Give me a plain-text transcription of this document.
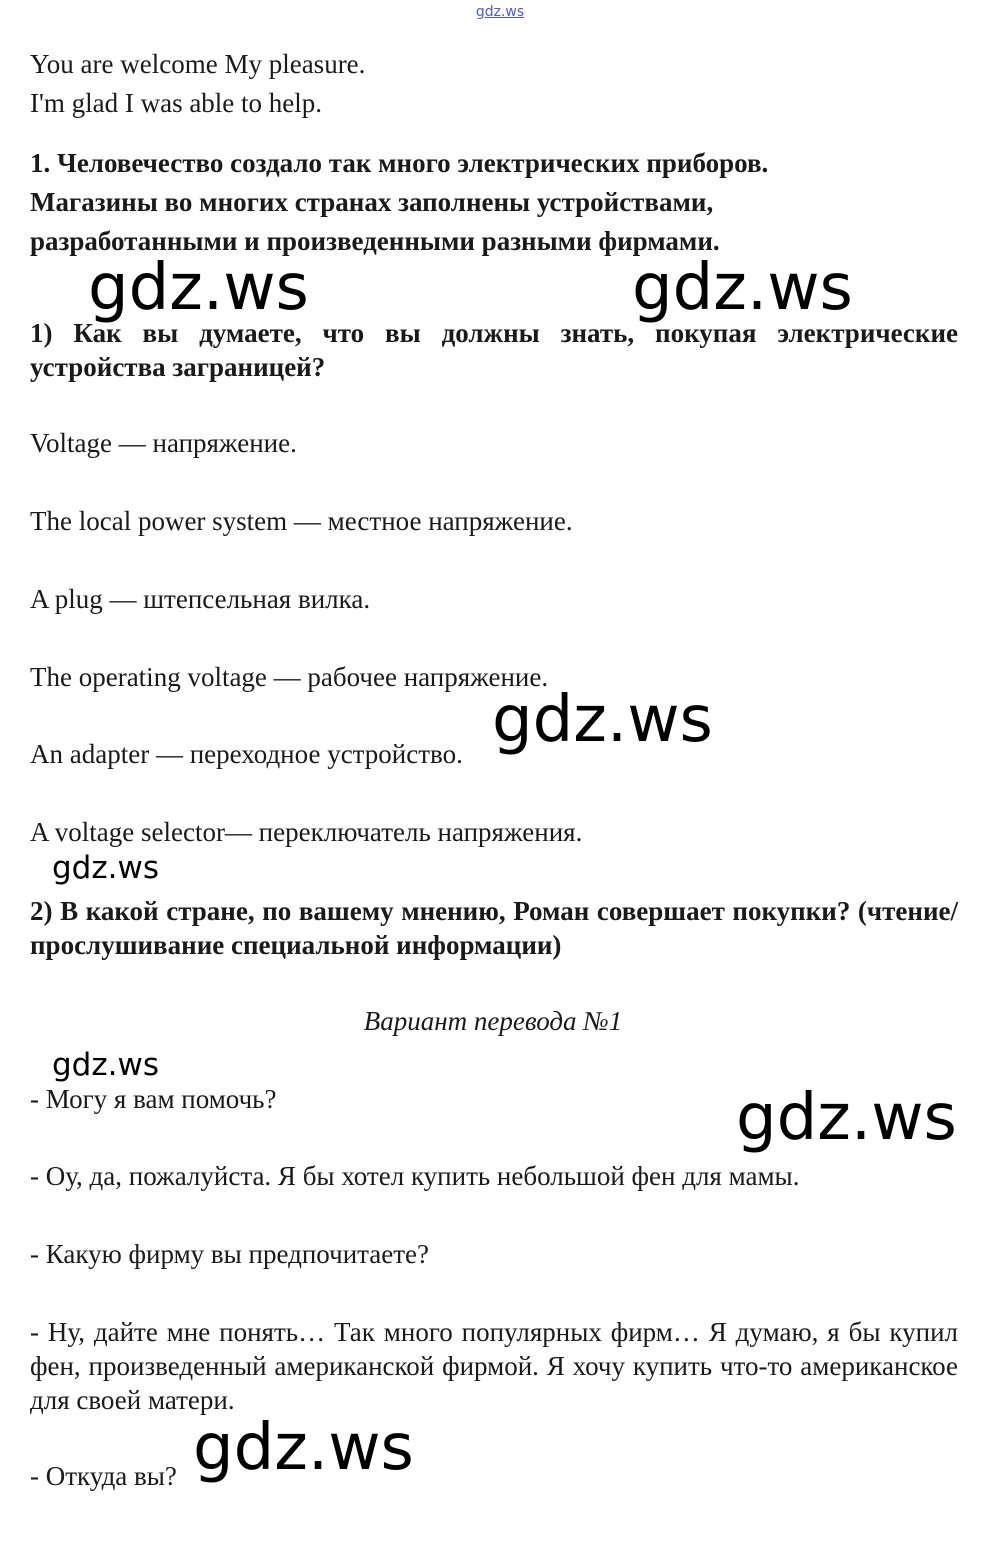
gdz.ws
You are welcome My pleasure.
I'm glad I was able to help.
1. Человечество создало так много электрических приборов. Магазины во многих странах заполнены устройствами, разработанными и произведенными разными фирмами.
1) Как вы думаете, что вы должны знать, покупая электрические устройства заграницей?
Voltage — напряжение.
The local power system — местное напряжение.
A plug — штепсельная вилка.
The operating voltage — рабочее напряжение.
An adapter — переходное устройство.
A voltage selector— переключатель напряжения.
2) В какой стране, по вашему мнению, Роман совершает покупки? (чтение/прослушивание специальной информации)
Вариант перевода №1
- Могу я вам помочь?
- Оу, да, пожалуйста. Я бы хотел купить небольшой фен для мамы.
- Какую фирму вы предпочитаете?
- Ну, дайте мне понять… Так много популярных фирм… Я думаю, я бы купил фен, произведенный американской фирмой. Я хочу купить что-то американское для своей матери.
- Откуда вы?
gdz.ws	gdz.ws
gdz.ws
gdz.ws
gdz.ws
gdz.ws
gdz.ws
